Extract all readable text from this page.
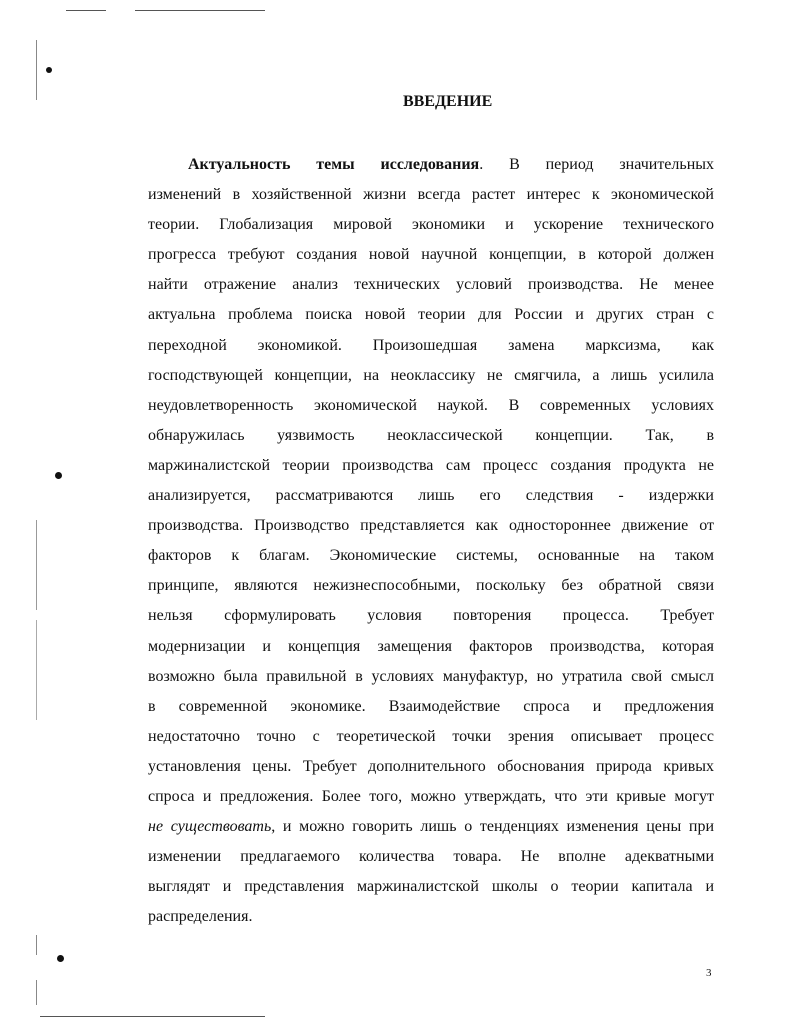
ВВЕДЕНИЕ
Актуальность темы исследования. В период значительных
изменений в хозяйственной жизни всегда растет интерес к экономической
теории. Глобализация мировой экономики и ускорение технического
прогресса требуют создания новой научной концепции, в которой должен
найти отражение анализ технических условий производства. Не менее
актуальна проблема поиска новой теории для России и других стран с
переходной экономикой. Произошедшая замена марксизма, как
господствующей концепции, на неоклассику не смягчила, а лишь усилила
неудовлетворенность экономической наукой. В современных условиях
обнаружилась уязвимость неоклассической концепции. Так, в
маржиналистской теории производства сам процесс создания продукта не
анализируется, рассматриваются лишь его следствия - издержки
производства. Производство представляется как одностороннее движение от
факторов к благам. Экономические системы, основанные на таком
принципе, являются нежизнеспособными, поскольку без обратной связи
нельзя сформулировать условия повторения процесса. Требует
модернизации и концепция замещения факторов производства, которая
возможно была правильной в условиях мануфактур, но утратила свой смысл
в современной экономике. Взаимодействие спроса и предложения
недостаточно точно с теоретической точки зрения описывает процесс
установления цены. Требует дополнительного обоснования природа кривых
спроса и предложения. Более того, можно утверждать, что эти кривые могут
не существовать, и можно говорить лишь о тенденциях изменения цены при
изменении предлагаемого количества товара. Не вполне адекватными
выглядят и представления маржиналистской школы о теории капитала и
распределения.
3
